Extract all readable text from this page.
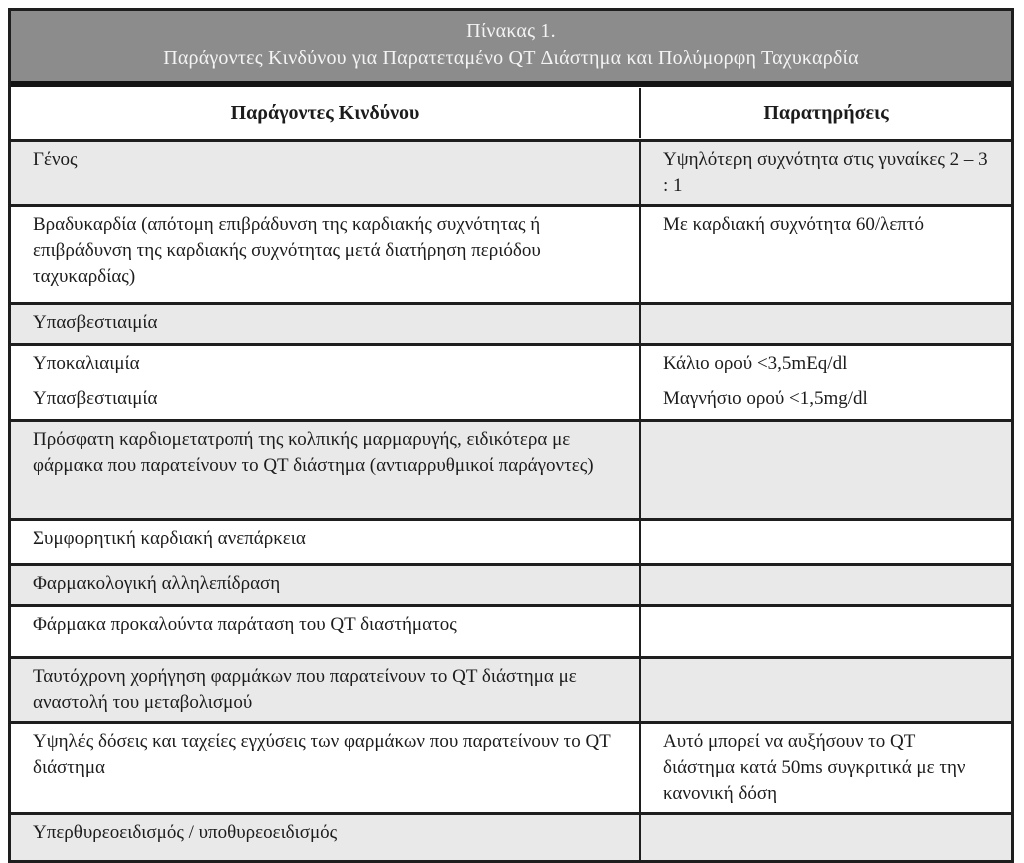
Πίνακας 1.
Παράγοντες Κινδύνου για Παρατεταμένο QT Διάστημα και Πολύμορφη Ταχυκαρδία
Παράγοντες Κινδύνου	Παρατηρήσεις
Γένος	Υψηλότερη συχνότητα στις γυναίκες 2 – 3 : 1
Βραδυκαρδία (απότομη επιβράδυνση της καρδιακής συχνότητας ή επιβράδυνση της καρδιακής συχνότητας μετά διατήρηση περιόδου ταχυκαρδίας)
Με καρδιακή συχνότητα 60/λεπτό
Υπασβεστιαιμία
Υποκαλιαιμία
Υπασβεστιαιμία
Κάλιο ορού <3,5mEq/dl
Μαγνήσιο ορού <1,5mg/dl
Πρόσφατη καρδιομετατροπή της κολπικής μαρμαρυγής, ειδικότερα με φάρμακα που παρατείνουν το QT διάστημα (αντιαρρυθμικοί παράγοντες)
Συμφορητική καρδιακή ανεπάρκεια
Φαρμακολογική αλληλεπίδραση
Φάρμακα προκαλούντα παράταση του QT διαστήματος
Ταυτόχρονη χορήγηση φαρμάκων που παρατείνουν το QT διάστημα με αναστολή του μεταβολισμού
Υψηλές δόσεις και ταχείες εγχύσεις των φαρμάκων που παρατείνουν το QT διάστημα
Αυτό μπορεί να αυξήσουν το QT διάστημα κατά 50ms συγκριτικά με την κανονική δόση
Υπερθυρεοειδισμός / υποθυρεοειδισμός
